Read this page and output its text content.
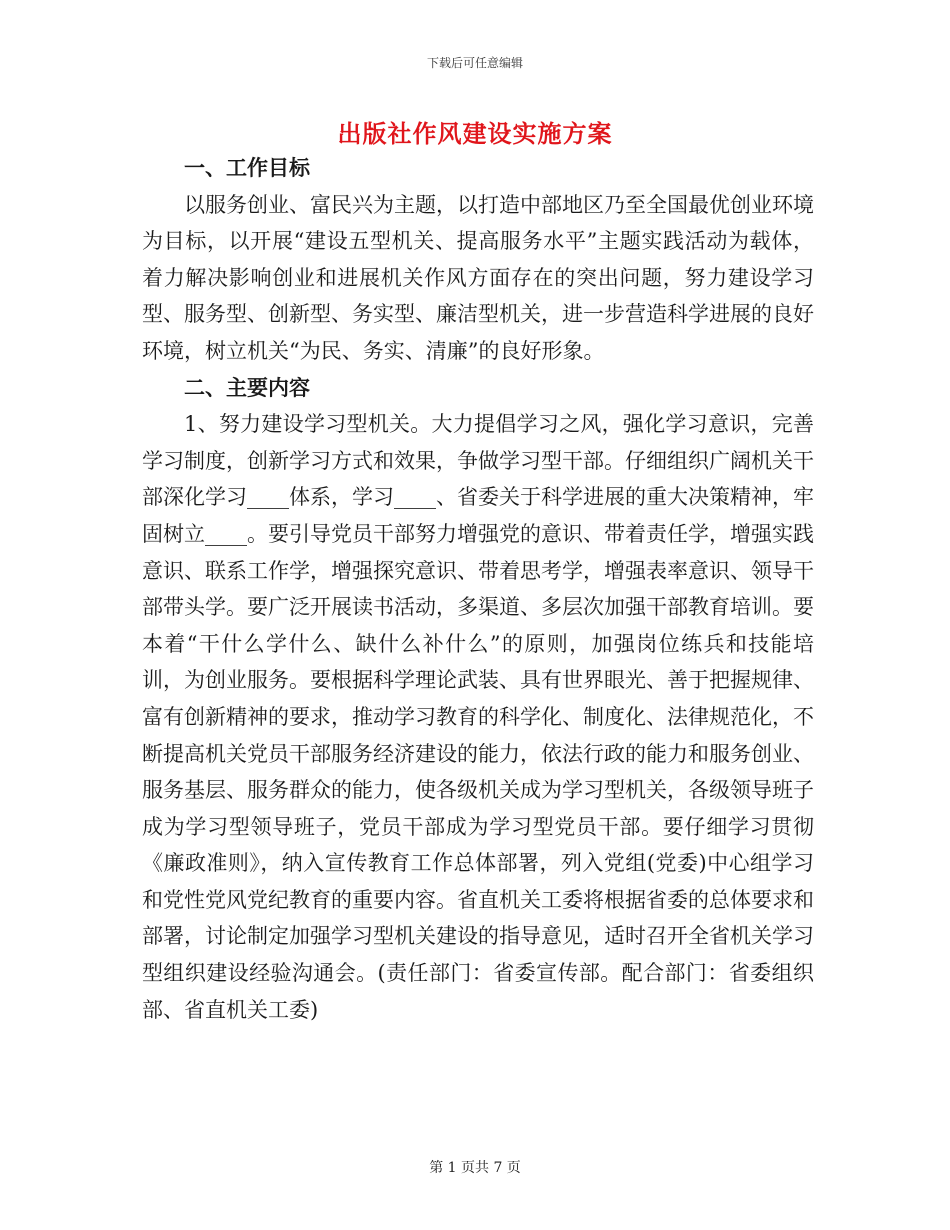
下载后可任意编辑
出版社作风建设实施方案

一、工作目标

以服务创业、富民兴为主题，以打造中部地区乃至全国最优创业环境为目标，以开展“建设五型机关、提高服务水平”主题实践活动为载体，着力解决影响创业和进展机关作风方面存在的突出问题，努力建设学习型、服务型、创新型、务实型、廉洁型机关，进一步营造科学进展的良好环境，树立机关“为民、务实、清廉”的良好形象。

二、主要内容

1、努力建设学习型机关。大力提倡学习之风，强化学习意识，完善学习制度，创新学习方式和效果，争做学习型干部。仔细组织广阔机关干部深化学习____体系，学习____、省委关于科学进展的重大决策精神，牢固树立____。要引导党员干部努力增强党的意识、带着责任学，增强实践意识、联系工作学，增强探究意识、带着思考学，增强表率意识、领导干部带头学。要广泛开展读书活动，多渠道、多层次加强干部教育培训。要本着“干什么学什么、缺什么补什么”的原则，加强岗位练兵和技能培训，为创业服务。要根据科学理论武装、具有世界眼光、善于把握规律、富有创新精神的要求，推动学习教育的科学化、制度化、法律规范化，不断提高机关党员干部服务经济建设的能力，依法行政的能力和服务创业、服务基层、服务群众的能力，使各级机关成为学习型机关，各级领导班子成为学习型领导班子，党员干部成为学习型党员干部。要仔细学习贯彻《廉政准则》，纳入宣传教育工作总体部署，列入党组(党委)中心组学习和党性党风党纪教育的重要内容。省直机关工委将根据省委的总体要求和部署，讨论制定加强学习型机关建设的指导意见，适时召开全省机关学习型组织建设经验沟通会。(责任部门：省委宣传部。配合部门：省委组织部、省直机关工委)

第 1 页共 7 页
